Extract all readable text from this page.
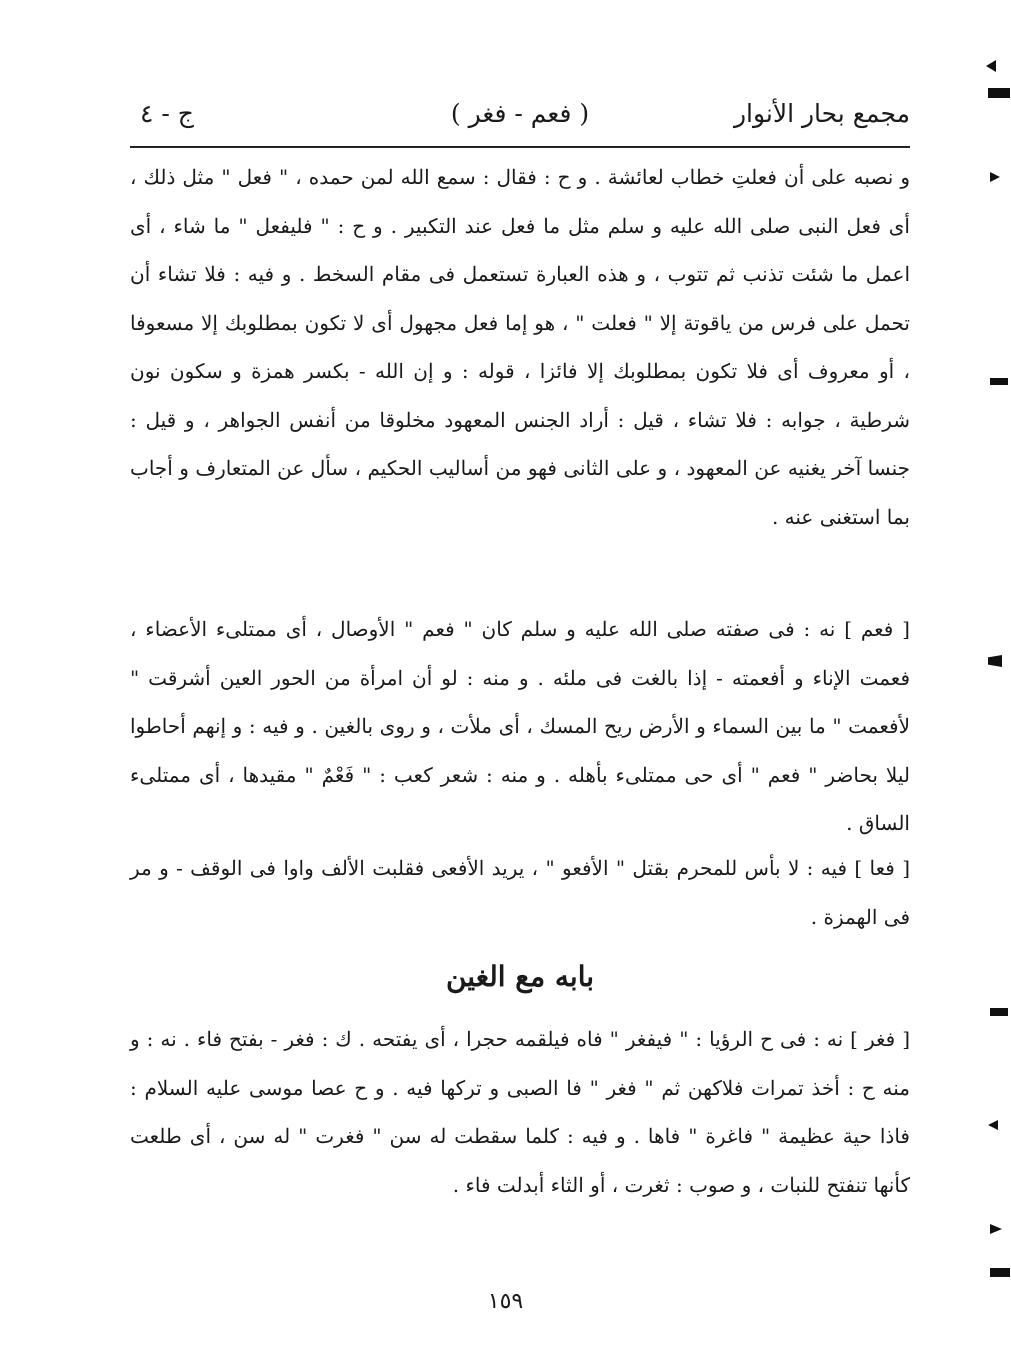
مجمع بحار الأنوار
( فعم - فغر )
ج - ٤

و نصبه علی أن فعلتِ خطاب لعائشة . و ح : فقال : سمع الله لمن حمده ، " فعل " مثل ذلك ، أی فعل النبی صلی الله علیه و سلم مثل ما فعل عند التکبیر . و ح : " فلیفعل " ما شاء ، أی اعمل ما شئت تذنب ثم تتوب ، و هذه العبارة تستعمل فی مقام السخط . و فیه : فلا تشاء أن تحمل علی فرس من یاقوتة إلا " فعلت " ، هو إما فعل مجهول أی لا تکون بمطلوبك إلا مسعوفا ، أو معروف أی فلا تکون بمطلوبك إلا فائزا ، قوله : و إن الله - بکسر همزة و سکون نون شرطیة ، جوابه : فلا تشاء ، قیل : أراد الجنس المعهود مخلوقا من أنفس الجواهر ، و قیل : جنسا آخر یغنیه عن المعهود ، و علی الثانی فهو من أسالیب الحکیم ، سأل عن المتعارف و أجاب بما استغنی عنه .

[ فعم ] نه : فی صفته صلی الله علیه و سلم کان " فعم " الأوصال ، أی ممتلیء الأعضاء ، فعمت الإناء و أفعمته - إذا بالغت فی ملئه . و منه : لو أن امرأة من الحور العین أشرقت " لأفعمت " ما بین السماء و الأرض ریح المسك ، أی ملأت ، و روی بالغین . و فیه : و إنهم أحاطوا لیلا بحاضر " فعم " أی حی ممتلیء بأهله . و منه : شعر کعب : " فَعْمٌ " مقیدها ، أی ممتلیء الساق .

[ فعا ] فیه : لا بأس للمحرم بقتل " الأفعو " ، یرید الأفعی فقلبت الألف واوا فی الوقف - و مر فی الهمزة .

بابه مع الغین

[ فغر ] نه : فی ح الرؤیا : " فیفغر " فاه فیلقمه حجرا ، أی یفتحه . ك : فغر - بفتح فاء . نه : و منه ح : أخذ تمرات فلاکهن ثم " فغر " فا الصبی و ترکها فیه . و ح عصا موسی علیه السلام : فاذا حیة عظیمة " فاغرة " فاها . و فیه : کلما سقطت له سن " فغرت " له سن ، أی طلعت کأنها تنفتح للنبات ، و صوب : ثغرت ، أو الثاء أبدلت فاء .

١٥٩
